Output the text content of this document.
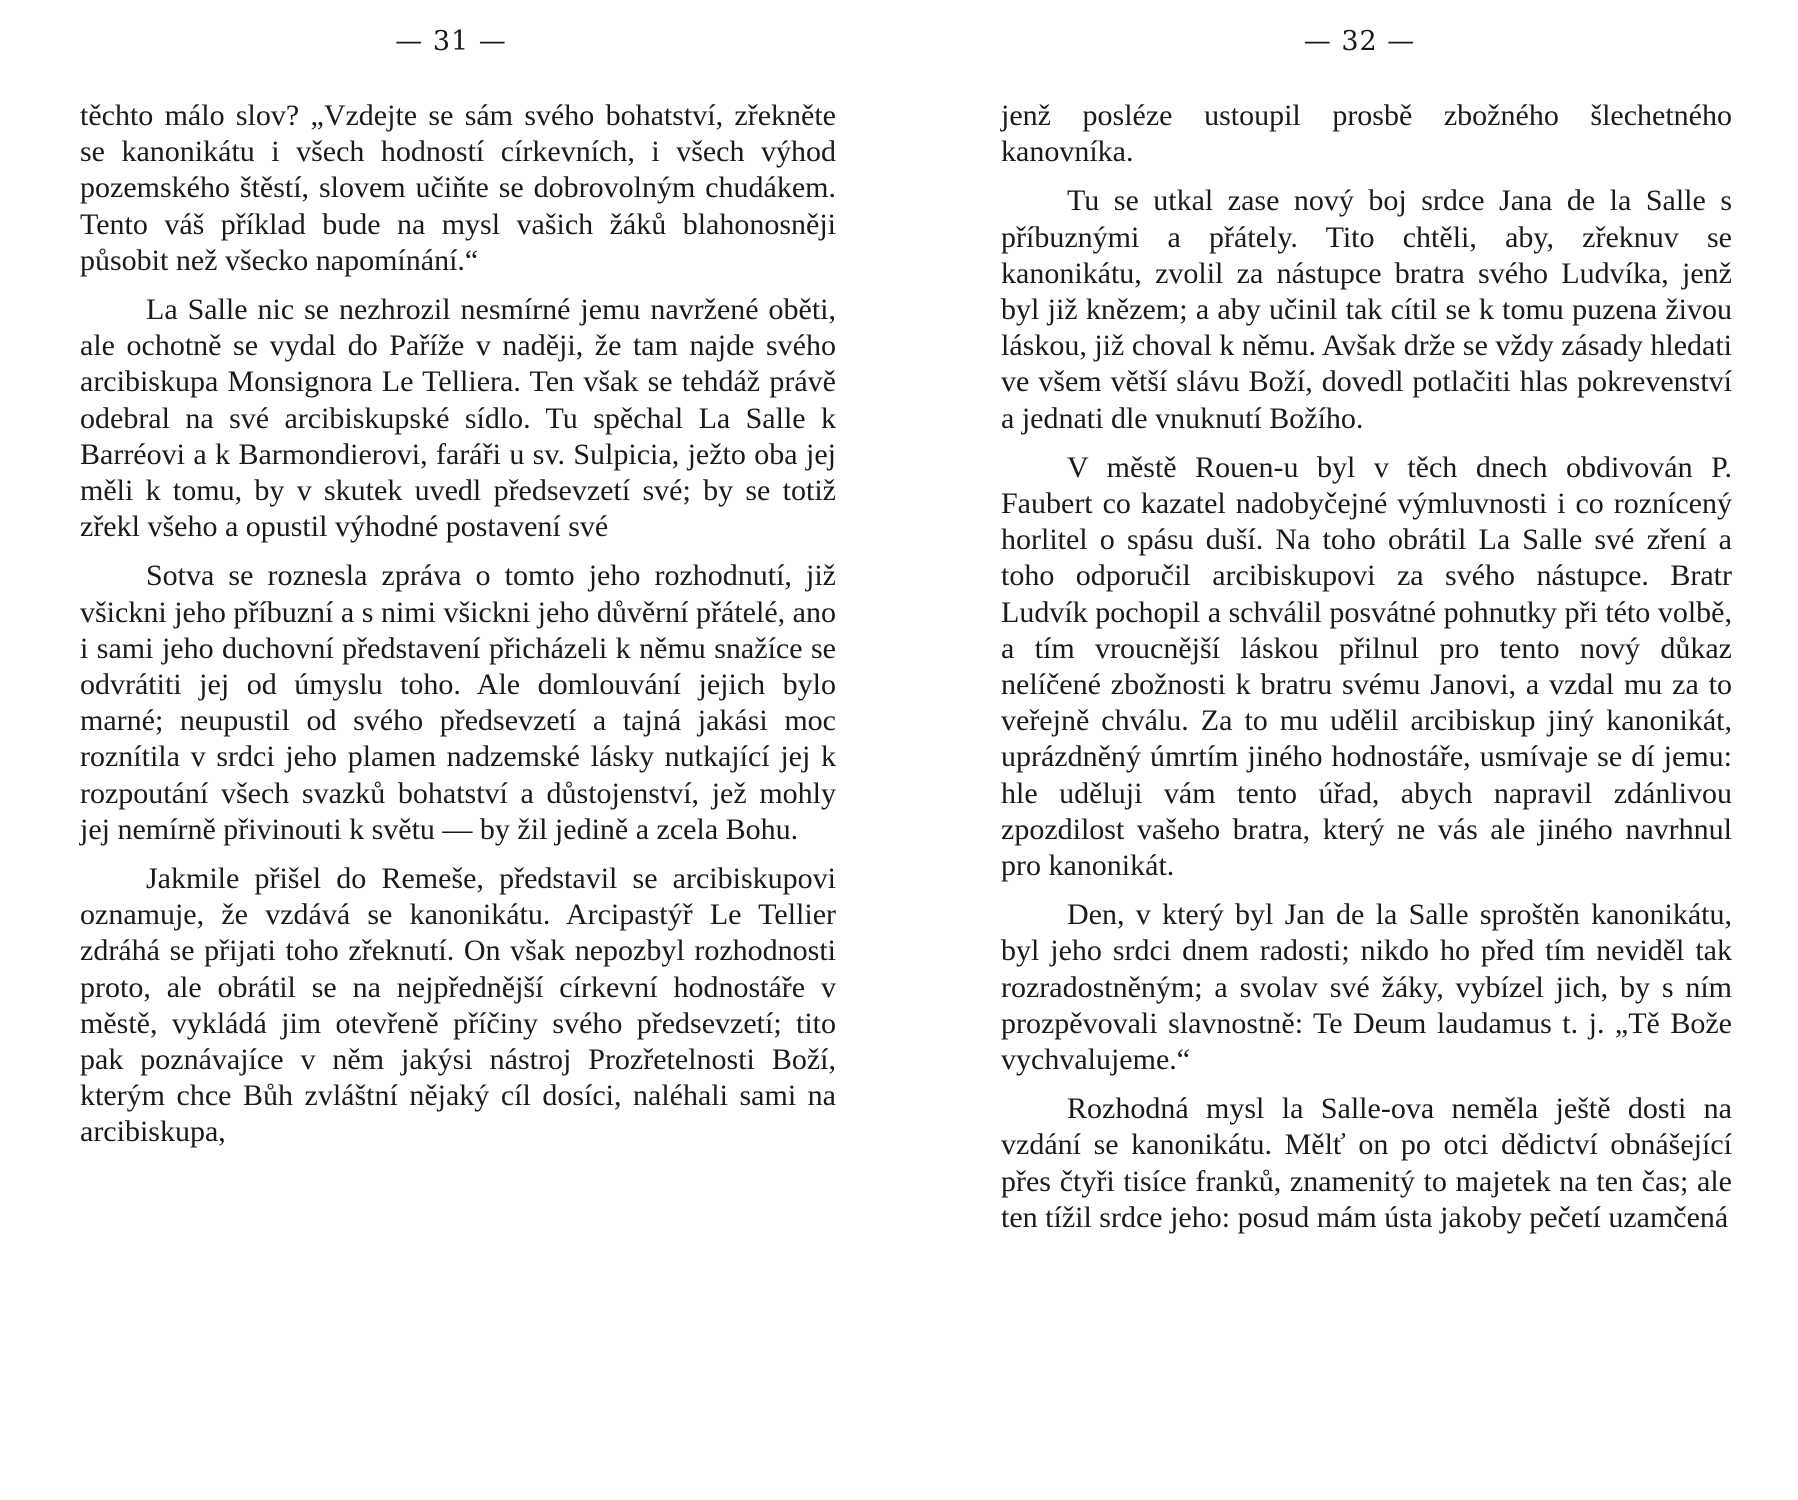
— 31 —

těchto málo slov? „Vzdejte se sám svého bohatství, zřekněte se kanonikátu i všech hodností církevních, i všech výhod pozemského štěstí, slovem učiňte se dobrovolným chudákem. Tento váš příklad bude na mysl vašich žáků blahonosněji působit než všecko napomínání.“

La Salle nic se nezhrozil nesmírné jemu navržené oběti, ale ochotně se vydal do Paříže v naději, že tam najde svého arcibiskupa Monsignora Le Telliera. Ten však se tehdáž právě odebral na své arcibiskupské sídlo. Tu spěchal La Salle k Barréovi a k Barmondierovi, faráři u sv. Sulpicia, ježto oba jej měli k tomu, by v skutek uvedl předsevzetí své; by se totiž zřekl všeho a opustil výhodné postavení své

Sotva se roznesla zpráva o tomto jeho rozhodnutí, již všickni jeho příbuzní a s nimi všickni jeho důvěrní přátelé, ano i sami jeho duchovní představení přicházeli k němu snažíce se odvrátiti jej od úmyslu toho. Ale domlouvání jejich bylo marné; neupustil od svého předsevzetí a tajná jakási moc roznítila v srdci jeho plamen nadzemské lásky nutkající jej k rozpoutání všech svazků bohatství a důstojenství, jež mohly jej nemírně přivinouti k světu — by žil jedině a zcela Bohu.

Jakmile přišel do Remeše, představil se arcibiskupovi oznamuje, že vzdává se kanonikátu. Arcipastýř Le Tellier zdráhá se přijati toho zřeknutí. On však nepozbyl rozhodnosti proto, ale obrátil se na nejpřednější církevní hodnostáře v městě, vykládá jim otevřeně příčiny svého předsevzetí; tito pak poznávajíce v něm jakýsi nástroj Prozřetelnosti Boží, kterým chce Bůh zvláštní nějaký cíl dosíci, naléhali sami na arcibiskupa,

— 32 —

jenž posléze ustoupil prosbě zbožného šlechetného kanovníka.

Tu se utkal zase nový boj srdce Jana de la Salle s příbuznými a přátely. Tito chtěli, aby, zřeknuv se kanonikátu, zvolil za nástupce bratra svého Ludvíka, jenž byl již knězem; a aby učinil tak cítil se k tomu puzena živou láskou, již choval k němu. Avšak drže se vždy zásady hledati ve všem větší slávu Boží, dovedl potlačiti hlas pokrevenství a jednati dle vnuknutí Božího.

V městě Rouen-u byl v těch dnech obdivován P. Faubert co kazatel nadobyčejné výmluvnosti i co roznícený horlitel o spásu duší. Na toho obrátil La Salle své zření a toho odporučil arcibiskupovi za svého nástupce. Bratr Ludvík pochopil a schválil posvátné pohnutky při této volbě, a tím vroucnější láskou přilnul pro tento nový důkaz nelíčené zbožnosti k bratru svému Janovi, a vzdal mu za to veřejně chválu. Za to mu udělil arcibiskup jiný kanonikát, uprázdněný úmrtím jiného hodnostáře, usmívaje se dí jemu: hle uděluji vám tento úřad, abych napravil zdánlivou zpozdilost vašeho bratra, který ne vás ale jiného navrhnul pro kanonikát.

Den, v který byl Jan de la Salle sproštěn kanonikátu, byl jeho srdci dnem radosti; nikdo ho před tím neviděl tak rozradostněným; a svolav své žáky, vybízel jich, by s ním prozpěvovali slavnostně: Te Deum laudamus t. j. „Tě Bože vychvalujeme.“

Rozhodná mysl la Salle-ova neměla ještě dosti na vzdání se kanonikátu. Mělť on po otci dědictví obnášející přes čtyři tisíce franků, znamenitý to majetek na ten čas; ale ten tížil srdce jeho: posud mám ústa jakoby pečetí uzamčená
